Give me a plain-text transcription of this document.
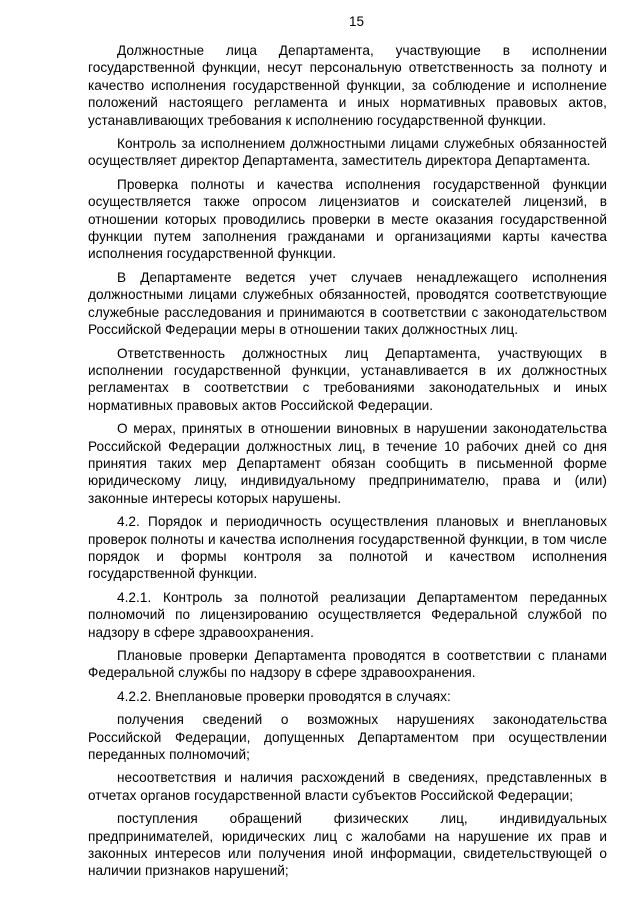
15

Должностные лица Департамента, участвующие в исполнении государственной функции, несут персональную ответственность за полноту и качество исполнения государственной функции, за соблюдение и исполнение положений настоящего регламента и иных нормативных правовых актов, устанавливающих требования к исполнению государственной функции.

Контроль за исполнением должностными лицами служебных обязанностей осуществляет директор Департамента, заместитель директора Департамента.

Проверка полноты и качества исполнения государственной функции осуществляется также опросом лицензиатов и соискателей лицензий, в отношении которых проводились проверки в месте оказания государственной функции путем заполнения гражданами и организациями карты качества исполнения государственной функции.

В Департаменте ведется учет случаев ненадлежащего исполнения должностными лицами служебных обязанностей, проводятся соответствующие служебные расследования и принимаются в соответствии с законодательством Российской Федерации меры в отношении таких должностных лиц.

Ответственность должностных лиц Департамента, участвующих в исполнении государственной функции, устанавливается в их должностных регламентах в соответствии с требованиями законодательных и иных нормативных правовых актов Российской Федерации.

О мерах, принятых в отношении виновных в нарушении законодательства Российской Федерации должностных лиц, в течение 10 рабочих дней со дня принятия таких мер Департамент обязан сообщить в письменной форме юридическому лицу, индивидуальному предпринимателю, права и (или) законные интересы которых нарушены.

4.2. Порядок и периодичность осуществления плановых и внеплановых проверок полноты и качества исполнения государственной функции, в том числе порядок и формы контроля за полнотой и качеством исполнения государственной функции.

4.2.1. Контроль за полнотой реализации Департаментом переданных полномочий по лицензированию осуществляется Федеральной службой по надзору в сфере здравоохранения.

Плановые проверки Департамента проводятся в соответствии с планами Федеральной службы по надзору в сфере здравоохранения.

4.2.2. Внеплановые проверки проводятся в случаях:

получения сведений о возможных нарушениях законодательства Российской Федерации, допущенных Департаментом при осуществлении переданных полномочий;

несоответствия и наличия расхождений в сведениях, представленных в отчетах органов государственной власти субъектов Российской Федерации;

поступления обращений физических лиц, индивидуальных предпринимателей, юридических лиц с жалобами на нарушение их прав и законных интересов или получения иной информации, свидетельствующей о наличии признаков нарушений;
